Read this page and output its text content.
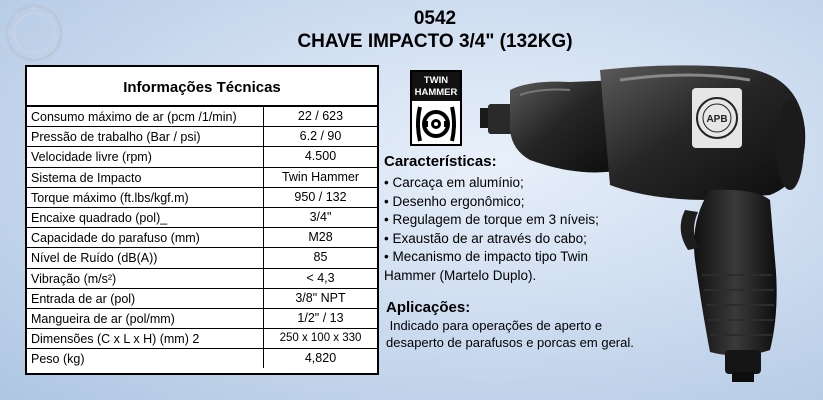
APB
0542
CHAVE IMPACTO 3/4" (132KG)
Informações Técnicas
Consumo máximo de ar (pcm /1/min)	22 / 623
Pressão de trabalho (Bar / psi)	6.2 / 90
Velocidade livre (rpm)	4.500
Sistema de Impacto	Twin Hammer
Torque máximo (ft.lbs/kgf.m)	950 / 132
Encaixe quadrado (pol)_	3/4"
Capacidade do parafuso (mm)	M28
Nível de Ruído (dB(A))	85
Vibração (m/s²)	< 4,3
Entrada de ar (pol)	3/8" NPT
Mangueira de ar (pol/mm)	1/2" / 13
Dimensões (C x L x H) (mm) 2	250 x 100 x 330
Peso (kg)	4,820
TWIN
HAMMER
APB
Características:
• Carcaça em alumínio;
• Desenho ergonômico;
• Regulagem de torque em 3 níveis;
• Exaustão de ar através do cabo;
• Mecanismo de impacto tipo Twin
Hammer (Martelo Duplo).
Aplicações:
Indicado para operações de aperto e
desaperto de parafusos e porcas em geral.
